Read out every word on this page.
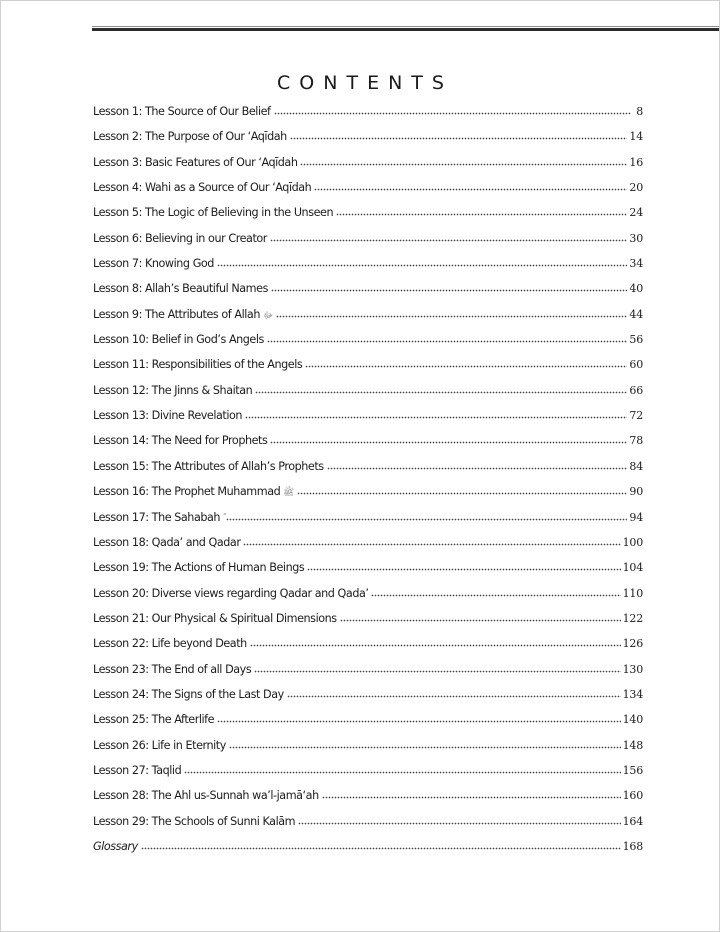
CONTENTS
Lesson 1: The Source of Our Belief	8
Lesson 2: The Purpose of Our ‘Aqīdah	14
Lesson 3: Basic Features of Our ‘Aqīdah	16
Lesson 4: Wahi as a Source of Our ‘Aqīdah	20
Lesson 5: The Logic of Believing in the Unseen	24
Lesson 6: Believing in our Creator	30
Lesson 7: Knowing God	34
Lesson 8: Allah’s Beautiful Names	40
Lesson 9: The Attributes of Allah ﷻ	44
Lesson 10: Belief in God’s Angels	56
Lesson 11: Responsibilities of the Angels	60
Lesson 12: The Jinns & Shaitan	66
Lesson 13: Divine Revelation	72
Lesson 14: The Need for Prophets	78
Lesson 15: The Attributes of Allah’s Prophets	84
Lesson 16: The Prophet Muhammad ﷺ	90
Lesson 17: The Sahabah	94
Lesson 18: Qada’ and Qadar	100
Lesson 19: The Actions of Human Beings	104
Lesson 20: Diverse views regarding Qadar and Qada’	110
Lesson 21: Our Physical & Spiritual Dimensions	122
Lesson 22: Life beyond Death	126
Lesson 23: The End of all Days	130
Lesson 24: The Signs of the Last Day	134
Lesson 25: The Afterlife	140
Lesson 26: Life in Eternity	148
Lesson 27: Taqlid	156
Lesson 28: The Ahl us-Sunnah wa’l-jamā‘ah	160
Lesson 29: The Schools of Sunni Kalām	164
Glossary	168
